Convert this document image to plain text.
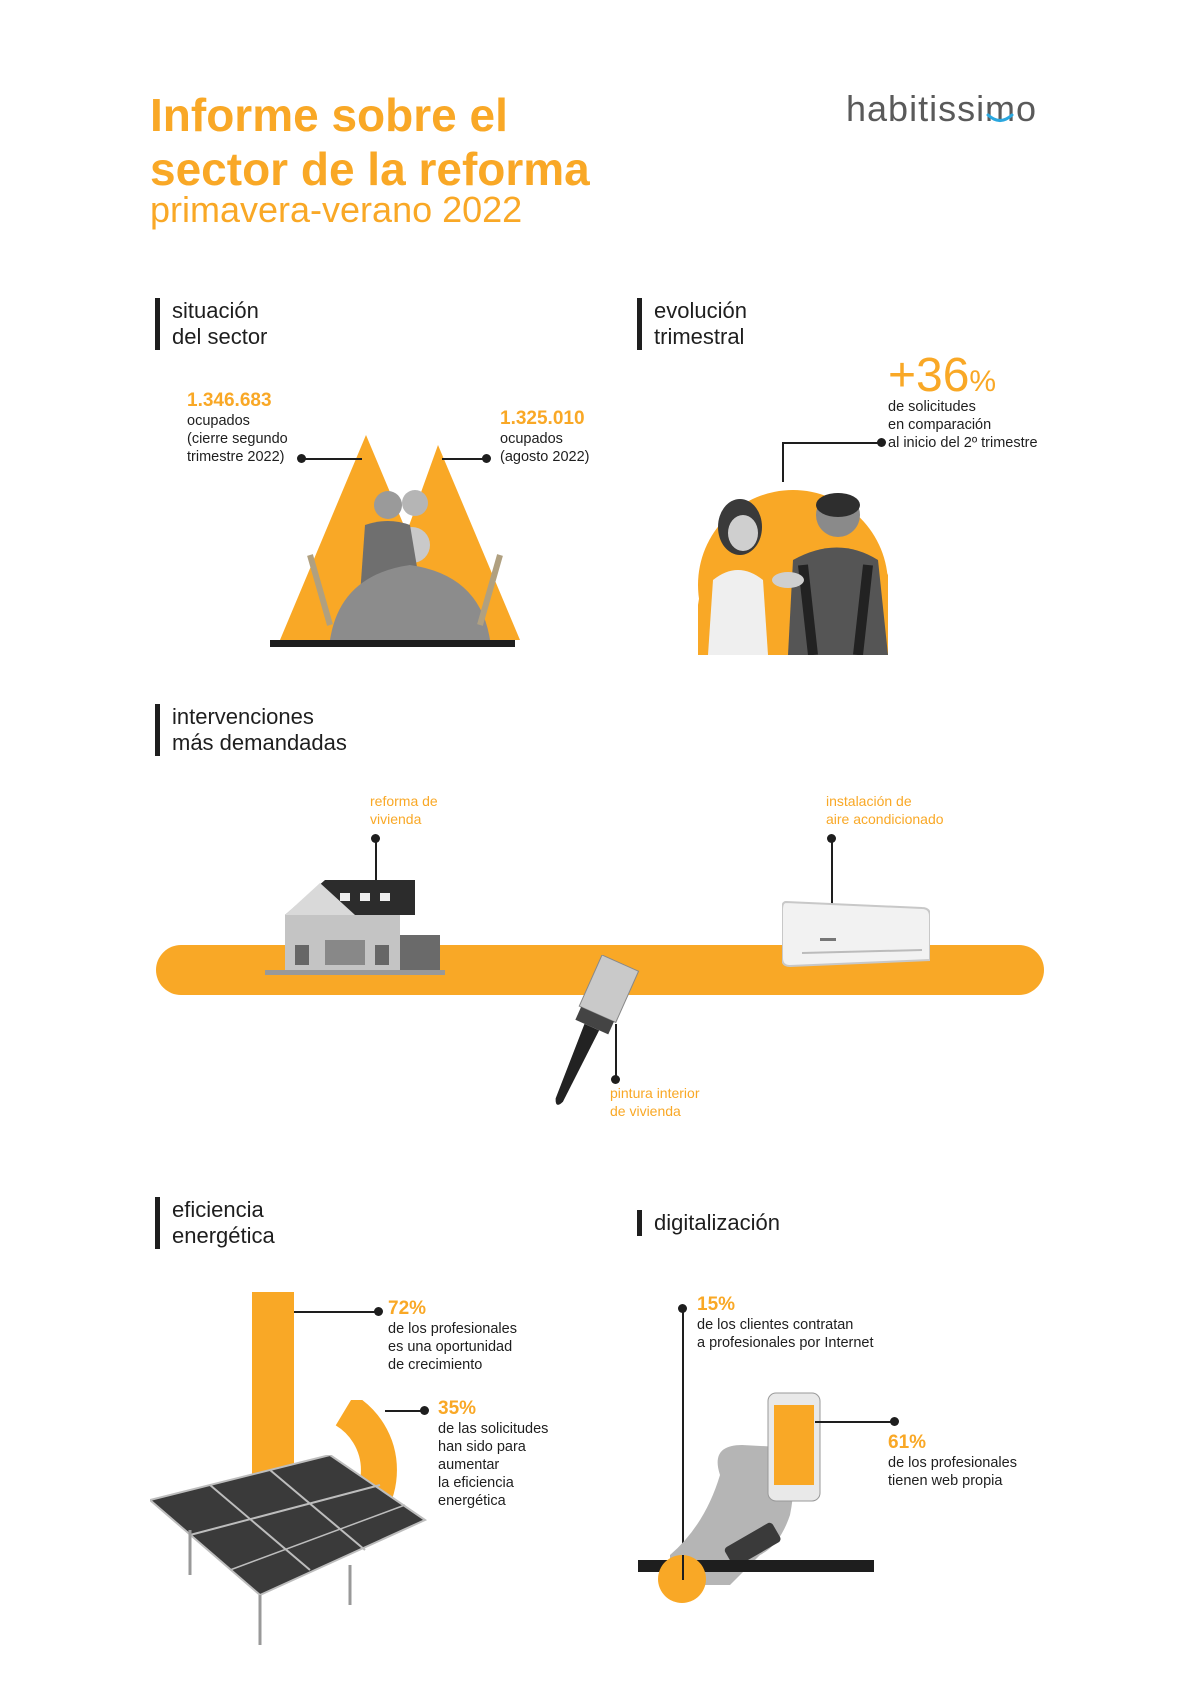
Informe sobre el
sector de la reforma
primavera-verano 2022
habitissimo
situación
del sector
1.346.683
ocupados
(cierre segundo
trimestre 2022)
1.325.010
ocupados
(agosto 2022)
evolución
trimestral
+36%
de solicitudes
en comparación
al inicio del 2º trimestre
intervenciones
más demandadas
reforma de
vivienda
instalación de
aire acondicionado
pintura interior
de vivienda
eficiencia
energética
72%
de los profesionales
es una oportunidad
de crecimiento
35%
de las solicitudes
han sido para
aumentar
la eficiencia
energética
digitalización
15%
de los clientes contratan
a profesionales por Internet
61%
de los profesionales
tienen web propia
